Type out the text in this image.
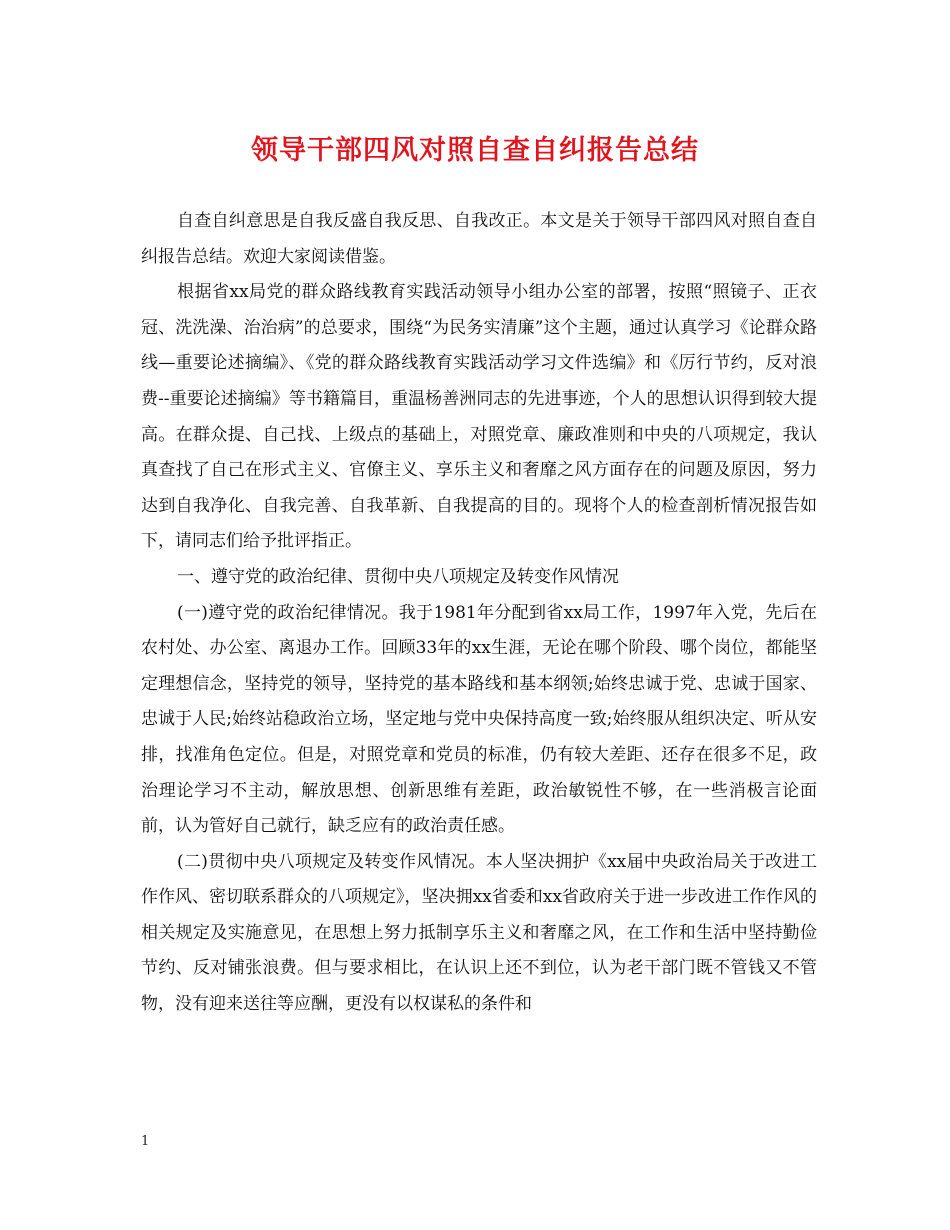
领导干部四风对照自查自纠报告总结

自查自纠意思是自我反盛自我反思、自我改正。本文是关于领导干部四风对照自查自纠报告总结。欢迎大家阅读借鉴。

根据省xx局党的群众路线教育实践活动领导小组办公室的部署，按照“照镜子、正衣冠、洗洗澡、治治病”的总要求，围绕“为民务实清廉”这个主题，通过认真学习《论群众路线—重要论述摘编》、《党的群众路线教育实践活动学习文件选编》和《厉行节约，反对浪费--重要论述摘编》等书籍篇目，重温杨善洲同志的先进事迹，个人的思想认识得到较大提高。在群众提、自己找、上级点的基础上，对照党章、廉政准则和中央的八项规定，我认真查找了自己在形式主义、官僚主义、享乐主义和奢靡之风方面存在的问题及原因，努力达到自我净化、自我完善、自我革新、自我提高的目的。现将个人的检查剖析情况报告如下，请同志们给予批评指正。

一、遵守党的政治纪律、贯彻中央八项规定及转变作风情况

(一)遵守党的政治纪律情况。我于1981年分配到省xx局工作，1997年入党，先后在农村处、办公室、离退办工作。回顾33年的xx生涯，无论在哪个阶段、哪个岗位，都能坚定理想信念，坚持党的领导，坚持党的基本路线和基本纲领;始终忠诚于党、忠诚于国家、忠诚于人民;始终站稳政治立场，坚定地与党中央保持高度一致;始终服从组织决定、听从安排，找准角色定位。但是，对照党章和党员的标准，仍有较大差距、还存在很多不足，政治理论学习不主动，解放思想、创新思维有差距，政治敏锐性不够，在一些消极言论面前，认为管好自己就行，缺乏应有的政治责任感。

(二)贯彻中央八项规定及转变作风情况。本人坚决拥护《xx届中央政治局关于改进工作作风、密切联系群众的八项规定》，坚决拥xx省委和xx省政府关于进一步改进工作作风的相关规定及实施意见，在思想上努力抵制享乐主义和奢靡之风，在工作和生活中坚持勤俭节约、反对铺张浪费。但与要求相比，在认识上还不到位，认为老干部门既不管钱又不管物，没有迎来送往等应酬，更没有以权谋私的条件和

1
